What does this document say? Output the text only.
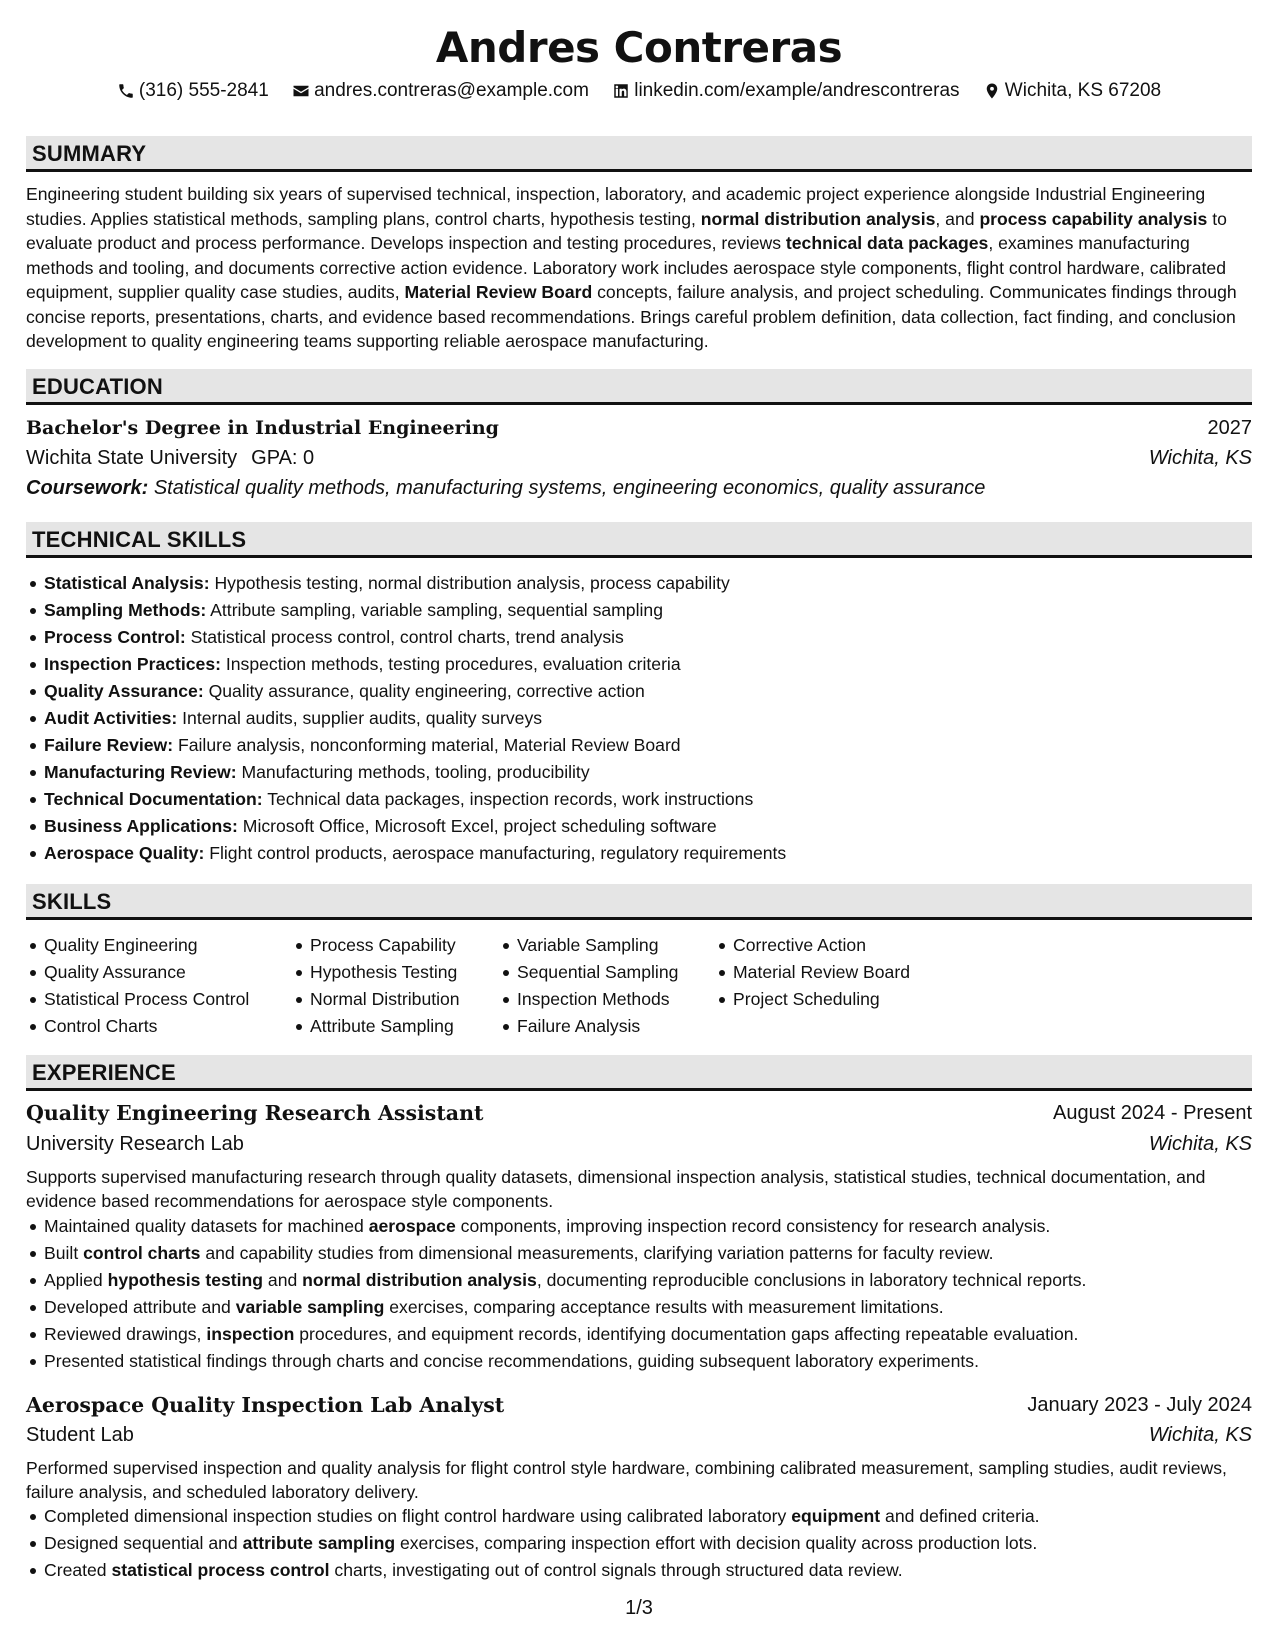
Andres Contreras
(316) 555-2841
andres.contreras@example.com
linkedin.com/example/andrescontreras
Wichita, KS 67208
SUMMARY
Engineering student building six years of supervised technical, inspection, laboratory, and academic project experience alongside Industrial Engineering studies. Applies statistical methods, sampling plans, control charts, hypothesis testing, normal distribution analysis, and process capability analysis to evaluate product and process performance. Develops inspection and testing procedures, reviews technical data packages, examines manufacturing methods and tooling, and documents corrective action evidence. Laboratory work includes aerospace style components, flight control hardware, calibrated equipment, supplier quality case studies, audits, Material Review Board concepts, failure analysis, and project scheduling. Communicates findings through concise reports, presentations, charts, and evidence based recommendations. Brings careful problem definition, data collection, fact finding, and conclusion development to quality engineering teams supporting reliable aerospace manufacturing.
EDUCATION
Bachelor's Degree in Industrial Engineering	2027
Wichita State University GPA: 0	Wichita, KS
Coursework: Statistical quality methods, manufacturing systems, engineering economics, quality assurance
TECHNICAL SKILLS
Statistical Analysis: Hypothesis testing, normal distribution analysis, process capability
Sampling Methods: Attribute sampling, variable sampling, sequential sampling
Process Control: Statistical process control, control charts, trend analysis
Inspection Practices: Inspection methods, testing procedures, evaluation criteria
Quality Assurance: Quality assurance, quality engineering, corrective action
Audit Activities: Internal audits, supplier audits, quality surveys
Failure Review: Failure analysis, nonconforming material, Material Review Board
Manufacturing Review: Manufacturing methods, tooling, producibility
Technical Documentation: Technical data packages, inspection records, work instructions
Business Applications: Microsoft Office, Microsoft Excel, project scheduling software
Aerospace Quality: Flight control products, aerospace manufacturing, regulatory requirements
SKILLS
Quality Engineering
Quality Assurance
Statistical Process Control
Control Charts
Process Capability
Hypothesis Testing
Normal Distribution
Attribute Sampling
Variable Sampling
Sequential Sampling
Inspection Methods
Failure Analysis
Corrective Action
Material Review Board
Project Scheduling
EXPERIENCE
Quality Engineering Research Assistant	August 2024 - Present
University Research Lab	Wichita, KS
Supports supervised manufacturing research through quality datasets, dimensional inspection analysis, statistical studies, technical documentation, and evidence based recommendations for aerospace style components.
Maintained quality datasets for machined aerospace components, improving inspection record consistency for research analysis.
Built control charts and capability studies from dimensional measurements, clarifying variation patterns for faculty review.
Applied hypothesis testing and normal distribution analysis, documenting reproducible conclusions in laboratory technical reports.
Developed attribute and variable sampling exercises, comparing acceptance results with measurement limitations.
Reviewed drawings, inspection procedures, and equipment records, identifying documentation gaps affecting repeatable evaluation.
Presented statistical findings through charts and concise recommendations, guiding subsequent laboratory experiments.
Aerospace Quality Inspection Lab Analyst	January 2023 - July 2024
Student Lab	Wichita, KS
Performed supervised inspection and quality analysis for flight control style hardware, combining calibrated measurement, sampling studies, audit reviews, failure analysis, and scheduled laboratory delivery.
Completed dimensional inspection studies on flight control hardware using calibrated laboratory equipment and defined criteria.
Designed sequential and attribute sampling exercises, comparing inspection effort with decision quality across production lots.
Created statistical process control charts, investigating out of control signals through structured data review.
1/3
